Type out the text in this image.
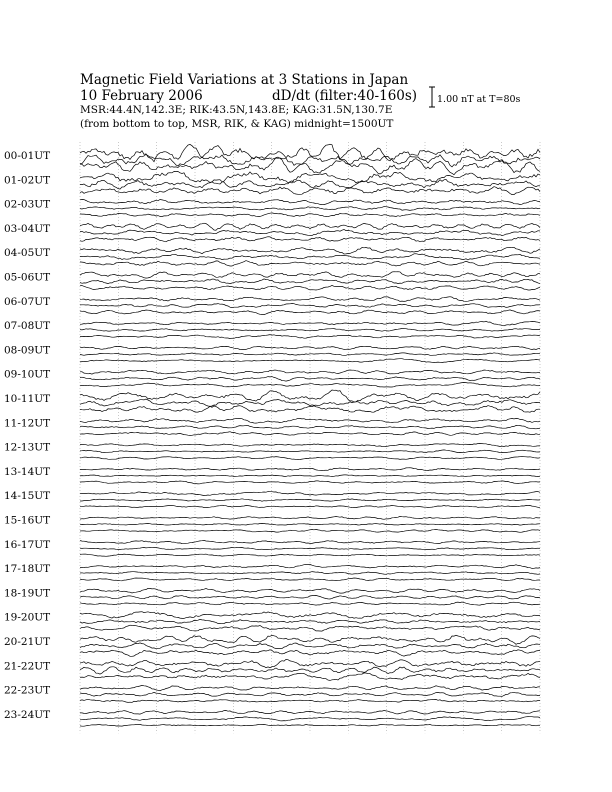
Magnetic Field Variations at 3 Stations in Japan
10 February 2006	dD/dt (filter:40-160s)
MSR:44.4N,142.3E; RIK:43.5N,143.8E; KAG:31.5N,130.7E
(from bottom to top, MSR, RIK, & KAG) midnight=1500UT
1.00 nT at T=80s
00-01UT
01-02UT
02-03UT
03-04UT
04-05UT
05-06UT
06-07UT
07-08UT
08-09UT
09-10UT
10-11UT
11-12UT
12-13UT
13-14UT
14-15UT
15-16UT
16-17UT
17-18UT
18-19UT
19-20UT
20-21UT
21-22UT
22-23UT
23-24UT
